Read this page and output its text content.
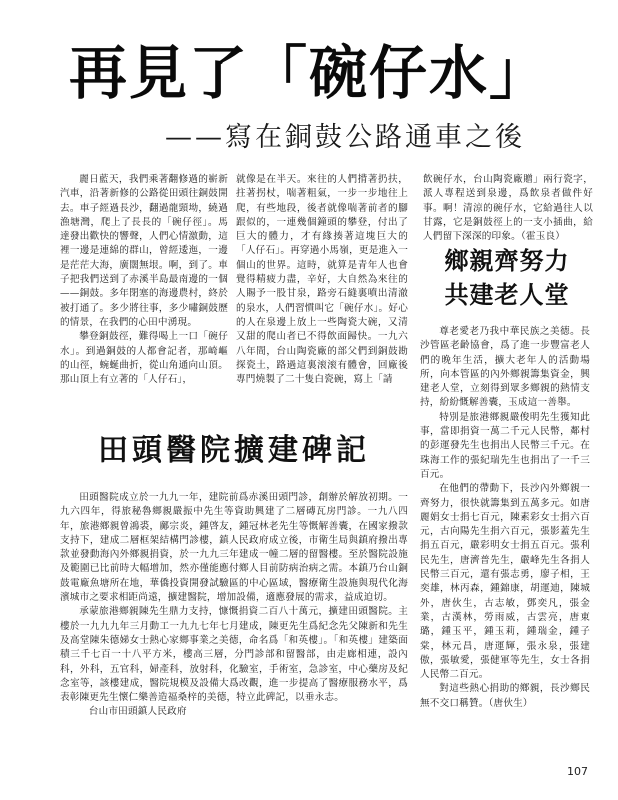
再見了「碗仔水」
——寫在銅鼓公路通車之後

麗日藍天，我們乘著翻修過的嶄新汽車，沿著新修的公路從田頭往銅鼓開去。車子經過長沙，翻過龍頸坳，繞過漁塘灣，爬上了長長的「碗仔徑」。馬達發出歡快的響聲，人們心情激動，這裡一邊是連綿的群山，曾經逶迤，一邊是茫茫大海，廣闊無垠。啊，到了。車子把我們送到了赤溪半島最南邊的一個——銅鼓。多年閉塞的海邊農村，終於被打通了。多少將往事，多少嘯銅鼓歷的情景，在我們的心田中湧現。

攀登銅鼓徑，難得喝上一口「碗仔水」。到過銅鼓的人都會記者，那崎嶇的山徑，蜿蜒曲折，從山角通向山頂。那山頂上有立著的「人仔石」，

就像是在半天。來往的人們揹著扔扶，拄著拐杖，喘著粗氣，一步一步地往上爬，有些地段，後者就像喘著前者的腳跟似的，一連幾個鐘頭的攀登，付出了巨大的體力，才有緣揍著這塊巨大的「人仔石」。再穿過小馬嶺，更是進入一個山的世界。這時，就算是青年人也會覺得精疲力盡，辛好，大自然為來往的人賜予一股甘泉，路旁石縫裏噴出清澈的泉水，人們習慣叫它「碗仔水」。好心的人在泉邊上放上一些陶瓷大碗，又清又甜的爬山者已不得飲面歸快。一九六八年間，台山陶瓷廠的部父們到銅鼓勘探瓷土，路過這裏滚滚有體會，回廠後專門燒製了二十隻白瓷碗，寫上「請

飲碗仔水，台山陶瓷廠贈」兩行瓷字，派人專程送到泉邊，爲飲泉者做件好事。啊！清涼的碗仔水，它給過往人以甘露，它是銅鼓徑上的一支小插曲，給人們留下深深的印象。（霍玉良）

鄉親齊努力
共建老人堂

尊老愛老乃我中華民族之美德。長沙管區老齡協會，爲了進一步豐富老人們的晚年生活，擴大老年人的活動場所，向本管區的內外鄉親籌集資金，興建老人堂，立刻得到眾多鄉親的熱情支持，紛紛慨解善囊，玉成這一善舉。

特別是旅港鄉親嚴俊明先生獲知此事，當即捐資一萬二千元人民幣，鄰村的彭運發先生也捐出人民幣三千元。在珠海工作的張紀瑞先生也捐出了一千三百元。

在他們的帶動下，長沙內外鄉親一齊努力，很快就籌集到五萬多元。如唐麗娟女士捐七百元，陳素彩女士捐六百元，古向陽先生捐六百元，張影蓋先生捐五百元，嚴彩明女士捐五百元。張利民先生，唐濟普先生，嚴峰先生各捐人民幣三百元，還有張志勇，廖子相，王奕雄，林丙森，鍾錦康，胡運迪，陳城外，唐伙生，古志敏，鄧奕凡，張金業，古漢林，勞雨威，古雲亮，唐東璐，鍾玉平，鍾玉莉，鍾瑞金，鍾子棠，林元昌，唐運輝，張永泉，張建傲，張敏愛，張健軍等先生，女士各捐人民幣二百元。

對這些熱心捐助的鄉親，長沙鄉民無不交口稱贊。（唐伙生）

田頭醫院擴建碑記

田頭醫院成立於一九九一年，建院前爲赤溪田頭門診，創辦於解放初期。一九六四年，得旅秘魯鄉親嚴振中先生等資助興建了二層磚瓦房門診。一九八四年，旅港鄉親曾鴻裘，鄺宗炎，鍾啓友，鍾冠林老先生等慨解善囊，在國家撥款支持下，建成二層框架結構門診樓，鎮人民政府成立後，市衛生局與鎮府撥出專款並發動海內外鄉親捐資，於一九九三年建成一幢二層的留醫樓。至於醫院設施及範圍已比前時大幅增加，然亦僅能應付鄉人目前防病治病之需。本鎮乃台山銅鼓電廠魚塘所在地，華僑投資開發試驗區的中心區域，醫療衛生設施與現代化海濱城市之要求相距尚遠，擴建醫院，增加設備，適應發展的需求，益成迫切。

承蒙旅港鄉親陳先生鼎力支持，慷慨捐資二百八十萬元，擴建田頭醫院。主樓於一九九九年三月動工一九九七年七月建成，陳更先生爲紀念先父陳新和先生及高堂陳朱德娣女士熱心家鄉事業之美德，命名爲「和英樓」。「和英樓」建築面積三千七百一十八平方米，樓高三層，分門診部和留醫部，由走廊相連，設內科，外科，五官科，婦產科，放射科，化驗室，手術室，急診室，中心藥房及紀念室等，該樓建成，醫院規模及設備大爲改觀，進一步提高了醫療服務水平，爲表彰陳更先生懷仁樂善造福桑梓的美德，特立此碑記，以垂永志。

台山市田頭鎮人民政府
107
